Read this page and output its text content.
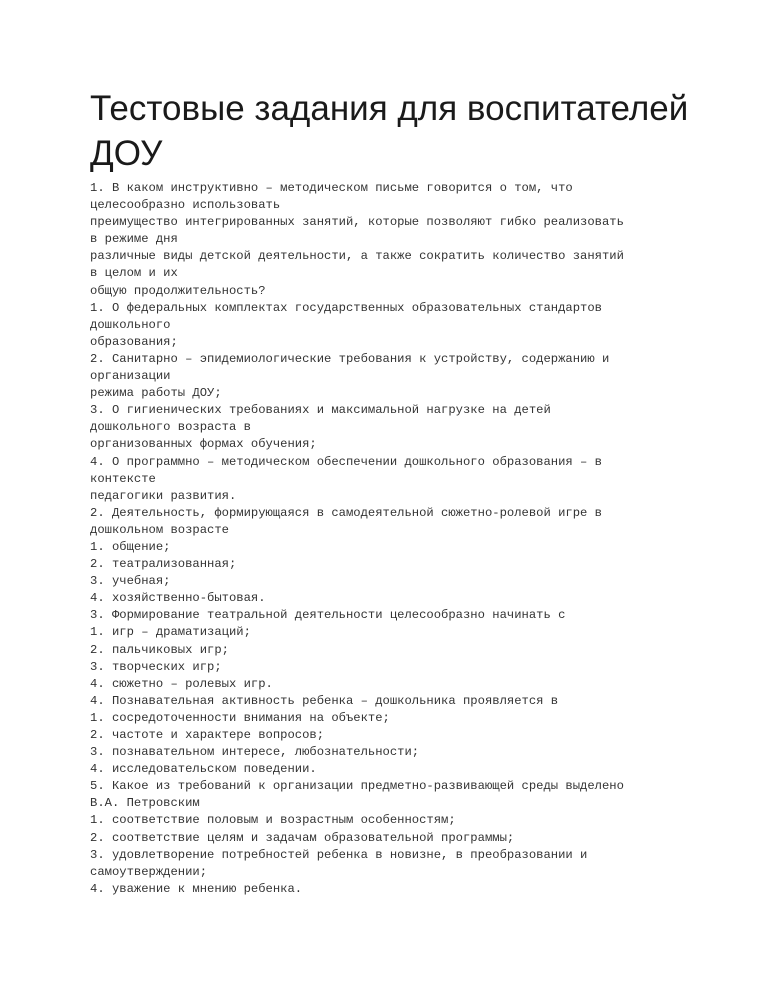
Тестовые задания для воспитателей ДОУ
1. В каком инструктивно – методическом письме говорится о том, что
целесообразно использовать
преимущество интегрированных занятий, которые позволяют гибко реализовать
в режиме дня
различные виды детской деятельности, а также сократить количество занятий
в целом и их
общую продолжительность?
1. О федеральных комплектах государственных образовательных стандартов
дошкольного
образования;
2. Санитарно – эпидемиологические требования к устройству, содержанию и
организации
режима работы ДОУ;
3. О гигиенических требованиях и максимальной нагрузке на детей
дошкольного возраста в
организованных формах обучения;
4. О программно – методическом обеспечении дошкольного образования – в
контексте
педагогики развития.
2. Деятельность, формирующаяся в самодеятельной сюжетно-ролевой игре в
дошкольном возрасте
1. общение;
2. театрализованная;
3. учебная;
4. хозяйственно-бытовая.
3. Формирование театральной деятельности целесообразно начинать с
1. игр – драматизаций;
2. пальчиковых игр;
3. творческих игр;
4. сюжетно – ролевых игр.
4. Познавательная активность ребенка – дошкольника проявляется в
1. сосредоточенности внимания на объекте;
2. частоте и характере вопросов;
3. познавательном интересе, любознательности;
4. исследовательском поведении.
5. Какое из требований к организации предметно-развивающей среды выделено
В.А. Петровским
1. соответствие половым и возрастным особенностям;
2. соответствие целям и задачам образовательной программы;
3. удовлетворение потребностей ребенка в новизне, в преобразовании и
самоутверждении;
4. уважение к мнению ребенка.
